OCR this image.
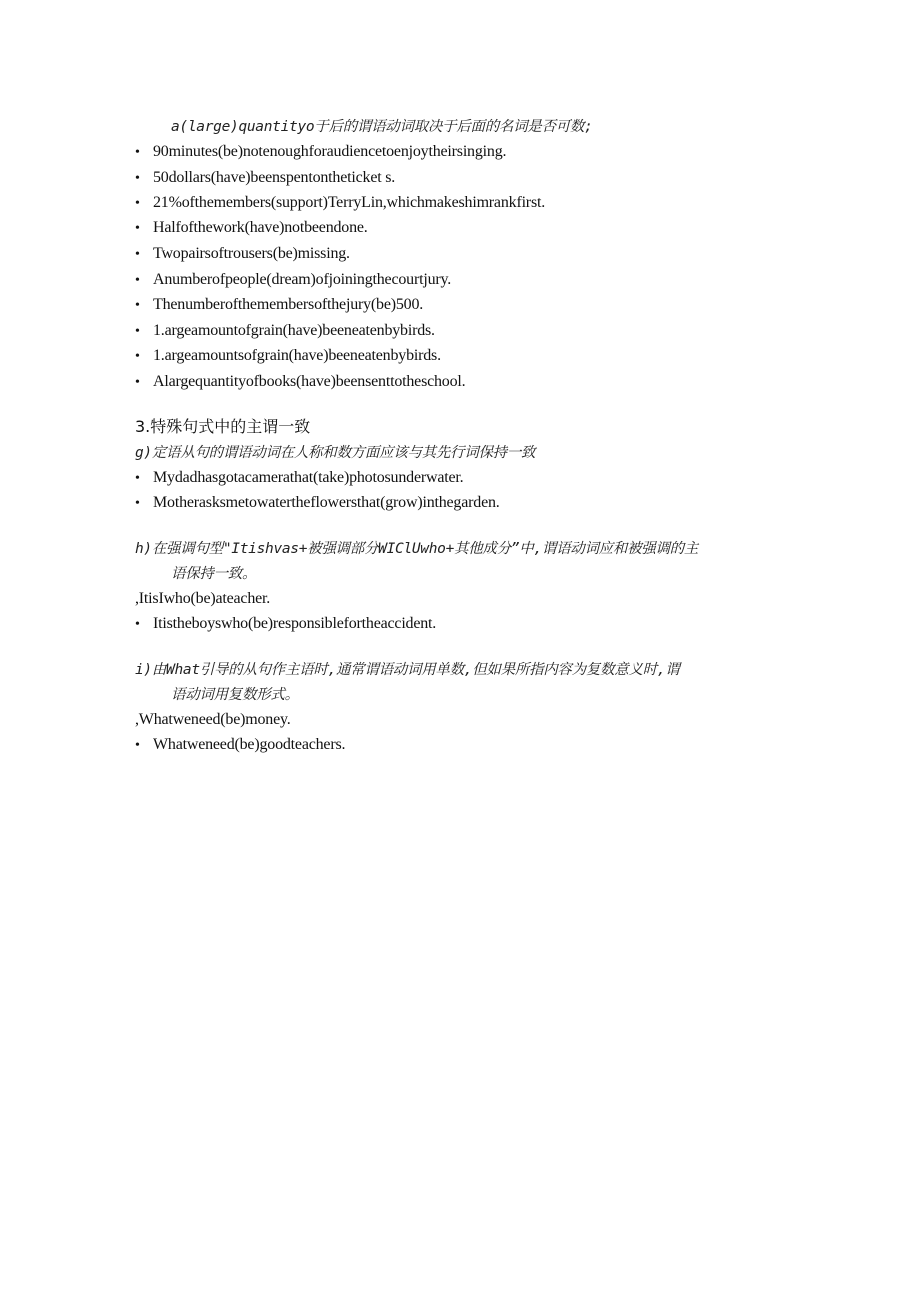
a(large)quantityo于后的谓语动词取决于后面的名词是否可数;
• 90minutes(be)notenoughforaudiencetoenjoytheirsinging.
• 50dollars(have)beenspentontheticket s.
• 21%ofthemembers(support)TerryLin,whichmakeshimrankfirst.
• Halfofthework(have)notbeendone.
• Twopairsoftrousers(be)missing.
• Anumberofpeople(dream)ofjoiningthecourtjury.
• Thenumberofthemembersofthejury(be)500.
• 1.argeamountofgrain(have)beeneatenbybirds.
• 1.argeamountsofgrain(have)beeneatenbybirds.
• Alargequantityofbooks(have)beensenttotheschool.
3.特殊句式中的主谓一致
g)定语从句的谓语动词在人称和数方面应该与其先行词保持一致
• Mydadhasgotacamerathat(take)photosunderwater.
• Motherasksmetowatertheflowersthat(grow)inthegarden.
h)在强调句型"Itishvas+被强调部分WIClUwho+其他成分”中,谓语动词应和被强调的主
语保持一致。
,ItisIwho(be)ateacher.
• Itistheboyswho(be)responsiblefortheaccident.
i)由What引导的从句作主语时,通常谓语动词用单数,但如果所指内容为复数意义时,谓
语动词用复数形式。
,Whatweneed(be)money.
• Whatweneed(be)goodteachers.
